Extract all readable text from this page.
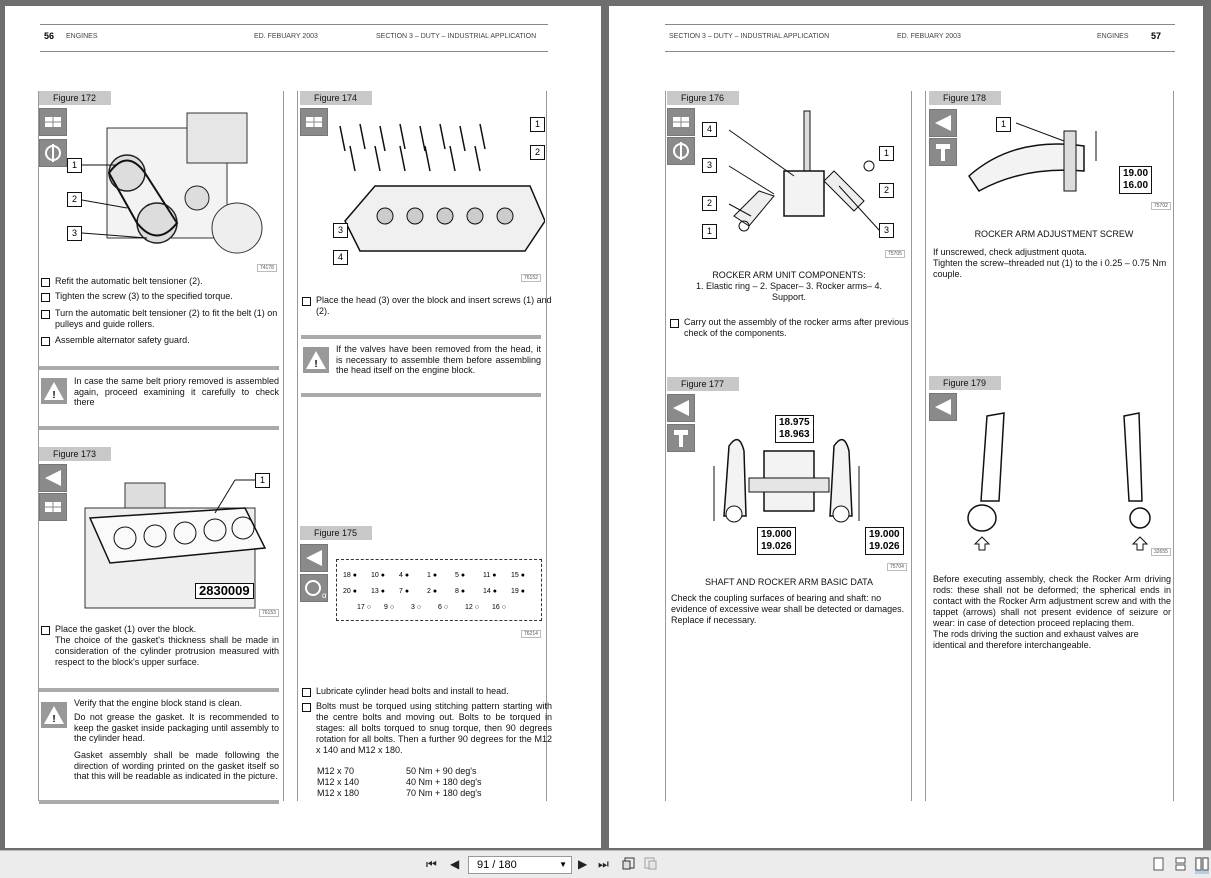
56 ENGINES	ED. FEBUARY 2003	SECTION 3 – DUTY – INDUSTRIAL APPLICATION
Figure 172
1
2
3
74178
Refit the automatic belt tensioner (2).
Tighten the screw (3) to the specified torque.
Turn the automatic belt tensioner (2) to fit the belt (1) on pulleys and guide rollers.
Assemble alternator safety guard.
!
In case the same belt priory removed is assembled again, proceed examining it carefully to check there
Figure 173
1
2830009
76153
Place the gasket (1) over the block.
The choice of the gasket's thickness shall be made in consideration of the cylinder protrusion measured with respect to the block's upper surface.
!
Verify that the engine block stand is clean.
Do not grease the gasket. It is recommended to keep the gasket inside packaging until assembly to the cylinder head.
Gasket assembly shall be made following the direction of wording printed on the gasket itself so that this will be readable as indicated in the picture.
Figure 174
1
2
3
4
76152
Place the head (3) over the block and insert screws (1) and (2).
!
If the valves have been removed from the head, it is necessary to assemble them before assembling the head itself on the engine block.
Figure 175
α
18 ● 10 ● 4 ●	1 ●	5 ●	11 ● 15 ●
20 ● 13 ● 7 ●	2 ●	8 ●	14 ● 19 ●
17 ○ 9 ○ 3 ○ 6 ○ 12 ○ 16 ○
76214
Lubricate cylinder head bolts and install to head.
Bolts must be torqued using stitching pattern starting with the centre bolts and moving out. Bolts to be torqued in stages: all bolts torqued to snug torque, then 90 degrees rotation for all bolts. Then a further 90 degrees for the M12 x 140 and M12 x 180.
M12 x 70	50 Nm + 90 deg's
M12 x 140	40 Nm + 180 deg's
M12 x 180	70 Nm + 180 deg's
SECTION 3 – DUTY – INDUSTRIAL APPLICATION	ED. FEBUARY 2003	ENGINES 57
Figure 176
4
3
2
1
1
2
3
75705
ROCKER ARM UNIT COMPONENTS:
1. Elastic ring – 2. Spacer– 3. Rocker arms– 4. Support.
Carry out the assembly of the rocker arms after previous check of the components.
Figure 177
18.975
18.963
19.000
19.026
19.000
19.026
75704
SHAFT AND ROCKER ARM BASIC DATA
Check the coupling surfaces of bearing and shaft: no evidence of excessive wear shall be detected or damages.
Replace if necessary.
Figure 178
1
19.00
16.00
75702
ROCKER ARM ADJUSTMENT SCREW
If unscrewed, check adjustment quota.
Tighten the screw–threaded nut (1) to the i 0.25 – 0.75 Nm couple.
Figure 179
32655
Before executing assembly, check the Rocker Arm driving rods: these shall not be deformed; the spherical ends in contact with the Rocker Arm adjustment screw and with the tappet (arrows) shall not present evidence of seizure or wear: in case of detection proceed replacing them.
The rods driving the suction and exhaust valves are identical and therefore interchangeable.
⏮ ◀ 91 / 180	▼ ▶ ⏭
